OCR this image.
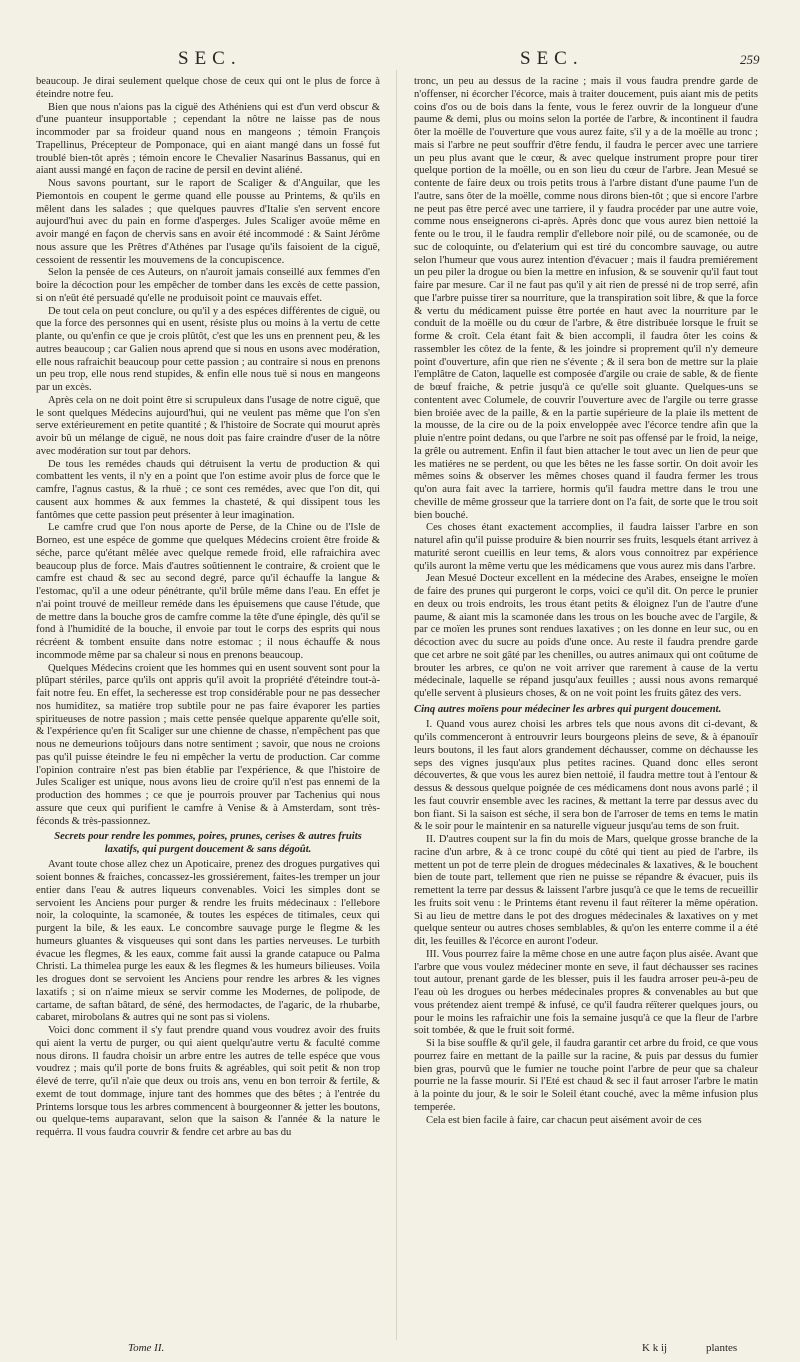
SEC.	SEC.	259

beaucoup. Je dirai seulement quelque chose de ceux qui ont le plus de force à éteindre notre feu.

Bien que nous n'aions pas la ciguë des Athéniens qui est d'un verd obscur & d'une puanteur insupportable ; cependant la nôtre ne laisse pas de nous incommoder par sa froideur quand nous en mangeons ; témoin François Trapellinus, Précepteur de Pomponace, qui en aiant mangé dans un fossé fut troublé bien-tôt après ; témoin encore le Chevalier Nasarinus Bassanus, qui en aiant aussi mangé en façon de racine de persil en devint aliéné.

Nous savons pourtant, sur le raport de Scaliger & d'Anguilar, que les Piemontois en coupent le germe quand elle pousse au Printems, & qu'ils en mêlent dans les salades ; que quelques pauvres d'Italie s'en servent encore aujourd'hui avec du pain en forme d'asperges. Jules Scaliger avoüe même en avoir mangé en façon de chervis sans en avoir été incommodé : & Saint Jérôme nous assure que les Prêtres d'Athénes par l'usage qu'ils faisoient de la ciguë, cessoient de ressentir les mouvemens de la concupiscence.

Selon la pensée de ces Auteurs, on n'auroit jamais conseillé aux femmes d'en boire la décoction pour les empêcher de tomber dans les excès de cette passion, si on n'eût été persuadé qu'elle ne produisoit point ce mauvais effet.

De tout cela on peut conclure, ou qu'il y a des espéces différentes de ciguë, ou que la force des personnes qui en usent, résiste plus ou moins à la vertu de cette plante, ou qu'enfin ce que je crois plûtôt, c'est que les uns en prennent peu, & les autres beaucoup ; car Galien nous aprend que si nous en usons avec modération, elle nous rafraichit beaucoup pour cette passion ; au contraire si nous en prenons un peu trop, elle nous rend stupides, & enfin elle nous tuë si nous en mangeons par un excès.

Après cela on ne doit point être si scrupuleux dans l'usage de notre ciguë, que le sont quelques Médecins aujourd'hui, qui ne veulent pas même que l'on s'en serve extérieurement en petite quantité ; & l'histoire de Socrate qui mourut après avoir bû un mélange de ciguë, ne nous doit pas faire craindre d'user de la nôtre avec modération sur tout par dehors.

De tous les remédes chauds qui détruisent la vertu de production & qui combattent les vents, il n'y en a point que l'on estime avoir plus de force que le camfre, l'agnus castus, & la rhuë ; ce sont ces remédes, avec que l'on dit, qui causent aux hommes & aux femmes la chasteté, & qui dissipent tous les fantômes que cette passion peut présenter à leur imagination.

Le camfre crud que l'on nous aporte de Perse, de la Chine ou de l'Isle de Borneo, est une espéce de gomme que quelques Médecins croient être froide & séche, parce qu'étant mêlée avec quelque remede froid, elle rafraichira avec beaucoup plus de force. Mais d'autres soûtiennent le contraire, & croient que le camfre est chaud & sec au second degré, parce qu'il échauffe la langue & l'estomac, qu'il a une odeur pénétrante, qu'il brûle même dans l'eau. En effet je n'ai point trouvé de meilleur reméde dans les épuisemens que cause l'étude, que de mettre dans la bouche gros de camfre comme la tête d'une épingle, dès qu'il se fond à l'humidité de la bouche, il envoie par tout le corps des esprits qui nous récréent & tombent ensuite dans notre estomac ; il nous échauffe & nous incommode même par sa chaleur si nous en prenons beaucoup.

Quelques Médecins croient que les hommes qui en usent souvent sont pour la plûpart stériles, parce qu'ils ont appris qu'il avoit la propriété d'éteindre tout-à-fait notre feu. En effet, la secheresse est trop considérable pour ne pas dessecher nos humiditez, sa matiére trop subtile pour ne pas faire évaporer les parties spiritueuses de notre passion ; mais cette pensée quelque apparente qu'elle soit, & l'expérience qu'en fit Scaliger sur une chienne de chasse, n'empêchent pas que nous ne demeurions toûjours dans notre sentiment ; savoir, que nous ne croions pas qu'il puisse éteindre le feu ni empêcher la vertu de production. Car comme l'opinion contraire n'est pas bien établie par l'expérience, & que l'histoire de Jules Scaliger est unique, nous avons lieu de croire qu'il n'est pas ennemi de la production des hommes ; ce que je pourrois prouver par Tachenius qui nous assure que ceux qui purifient le camfre à Venise & à Amsterdam, sont très-féconds & très-passionnez.

Secrets pour rendre les pommes, poires, prunes, cerises & autres fruits laxatifs, qui purgent doucement & sans dégoût.

Avant toute chose allez chez un Apoticaire, prenez des drogues purgatives qui soient bonnes & fraiches, concassez-les grossiérement, faites-les tremper un jour entier dans l'eau & autres liqueurs convenables. Voici les simples dont se servoient les Anciens pour purger & rendre les fruits médecinaux : l'ellebore noir, la coloquinte, la scamonée, & toutes les espéces de titimales, ceux qui purgent la bile, & les eaux. Le concombre sauvage purge le flegme & les humeurs gluantes & visqueuses qui sont dans les parties nerveuses. Le turbith évacue les flegmes, & les eaux, comme fait aussi la grande catapuce ou Palma Christi. La thimelea purge les eaux & les flegmes & les humeurs bilieuses. Voila les drogues dont se servoient les Anciens pour rendre les arbres & les vignes laxatifs ; si on n'aime mieux se servir comme les Modernes, de polipode, de cartame, de saftan bâtard, de séné, des hermodactes, de l'agaric, de la rhubarbe, cabaret, mirobolans & autres qui ne sont pas si violens.

Voici donc comment il s'y faut prendre quand vous voudrez avoir des fruits qui aient la vertu de purger, ou qui aient quelqu'autre vertu & faculté comme nous dirons. Il faudra choisir un arbre entre les autres de telle espéce que vous voudrez ; mais qu'il porte de bons fruits & agréables, qui soit petit & non trop élevé de terre, qu'il n'aie que deux ou trois ans, venu en bon terroir & fertile, & exemt de tout dommage, injure tant des hommes que des bêtes ; à l'entrée du Printems lorsque tous les arbres commencent à bourgeonner & jetter les boutons, ou quelque-tems auparavant, selon que la saison & l'année & la nature le requérra. Il vous faudra couvrir & fendre cet arbre au bas du

tronc, un peu au dessus de la racine ; mais il vous faudra prendre garde de n'offenser, ni écorcher l'écorce, mais à traiter doucement, puis aiant mis de petits coins d'os ou de bois dans la fente, vous le ferez ouvrir de la longueur d'une paume & demi, plus ou moins selon la portée de l'arbre, & incontinent il faudra ôter la moëlle de l'ouverture que vous aurez faite, s'il y a de la moëlle au tronc ; mais si l'arbre ne peut souffrir d'être fendu, il faudra le percer avec une tarriere un peu plus avant que le cœur, & avec quelque instrument propre pour tirer quelque portion de la moëlle, ou en son lieu du cœur de l'arbre. Jean Mesué se contente de faire deux ou trois petits trous à l'arbre distant d'une paume l'un de l'autre, sans ôter de la moëlle, comme nous dirons bien-tôt ; que si encore l'arbre ne peut pas être percé avec une tarriere, il y faudra procéder par une autre voie, comme nous enseignerons ci-après. Après donc que vous aurez bien nettoié la fente ou le trou, il le faudra remplir d'ellebore noir pilé, ou de scamonée, ou de suc de coloquinte, ou d'elaterium qui est tiré du concombre sauvage, ou autre selon l'humeur que vous aurez intention d'évacuer ; mais il faudra premiérement un peu piler la drogue ou bien la mettre en infusion, & se souvenir qu'il faut tout faire par mesure. Car il ne faut pas qu'il y ait rien de pressé ni de trop serré, afin que l'arbre puisse tirer sa nourriture, que la transpiration soit libre, & que la force & vertu du médicament puisse être portée en haut avec la nourriture par le conduit de la moëlle ou du cœur de l'arbre, & être distribuée lorsque le fruit se forme & croît. Cela étant fait & bien accompli, il faudra ôter les coins & rassembler les côtez de la fente, & les joindre si proprement qu'il n'y demeure point d'ouverture, afin que rien ne s'évente ; & il sera bon de mettre sur la plaie l'emplâtre de Caton, laquelle est composée d'argile ou craie de sable, & de fiente de bœuf fraiche, & petrie jusqu'à ce qu'elle soit gluante. Quelques-uns se contentent avec Columele, de couvrir l'ouverture avec de l'argile ou terre grasse bien broiée avec de la paille, & en la partie supérieure de la plaie ils mettent de la mousse, de la cire ou de la poix enveloppée avec l'écorce tendre afin que la pluie n'entre point dedans, ou que l'arbre ne soit pas offensé par le froid, la neige, la grêle ou autrement. Enfin il faut bien attacher le tout avec un lien de peur que les matiéres ne se perdent, ou que les bêtes ne les fasse sortir. On doit avoir les mêmes soins & observer les mêmes choses quand il faudra fermer les trous qu'on aura fait avec la tarriere, hormis qu'il faudra mettre dans le trou une cheville de même grosseur que la tarriere dont on l'a fait, de sorte que le trou soit bien bouché.

Ces choses étant exactement accomplies, il faudra laisser l'arbre en son naturel afin qu'il puisse produire & bien nourrir ses fruits, lesquels étant arrivez à maturité seront cueillis en leur tems, & alors vous connoitrez par expérience qu'ils auront la même vertu que les médicamens que vous aurez mis dans l'arbre.

Jean Mesué Docteur excellent en la médecine des Arabes, enseigne le moïen de faire des prunes qui purgeront le corps, voici ce qu'il dit. On perce le prunier en deux ou trois endroits, les trous étant petits & éloignez l'un de l'autre d'une paume, & aiant mis la scamonée dans les trous on les bouche avec de l'argile, & par ce moïen les prunes sont rendues laxatives ; on les donne en leur suc, ou en décoction avec du sucre au poids d'une once. Au reste il faudra prendre garde que cet arbre ne soit gâté par les chenilles, ou autres animaux qui ont coûtume de brouter les arbres, ce qu'on ne voit arriver que rarement à cause de la vertu médecinale, laquelle se répand jusqu'aux feuilles ; aussi nous avons remarqué qu'elle servent à plusieurs choses, & on ne voit point les fruits gâtez des vers.

Cinq autres moïens pour médeciner les arbres qui purgent doucement.

I. Quand vous aurez choisi les arbres tels que nous avons dit ci-devant, & qu'ils commenceront à entrouvrir leurs bourgeons pleins de seve, & à épanouïr leurs boutons, il les faut alors grandement déchausser, comme on déchausse les seps des vignes jusqu'aux plus petites racines. Quand donc elles seront découvertes, & que vous les aurez bien nettoié, il faudra mettre tout à l'entour & dessus & dessous quelque poignée de ces médicamens dont nous avons parlé ; il les faut couvrir ensemble avec les racines, & mettant la terre par dessus avec du bon fiant. Si la saison est séche, il sera bon de l'arroser de tems en tems le matin & le soir pour le maintenir en sa naturelle vigueur jusqu'au tems de son fruit.

II. D'autres coupent sur la fin du mois de Mars, quelque grosse branche de la racine d'un arbre, & à ce tronc coupé du côté qui tient au pied de l'arbre, ils mettent un pot de terre plein de drogues médecinales & laxatives, & le bouchent bien de toute part, tellement que rien ne puisse se répandre & évacuer, puis ils remettent la terre par dessus & laissent l'arbre jusqu'à ce que le tems de recueillir les fruits soit venu : le Printems étant revenu il faut réïterer la même opération. Si au lieu de mettre dans le pot des drogues médecinales & laxatives on y met quelque senteur ou autres choses semblables, & qu'on les enterre comme il a été dit, les feuilles & l'écorce en auront l'odeur.

III. Vous pourrez faire la même chose en une autre façon plus aisée. Avant que l'arbre que vous voulez médeciner monte en seve, il faut déchausser ses racines tout autour, prenant garde de les blesser, puis il les faudra arroser peu-à-peu de l'eau où les drogues ou herbes médecinales propres & convenables au but que vous prétendez aient trempé & infusé, ce qu'il faudra réïterer quelques jours, ou pour le moins les rafraichir une fois la semaine jusqu'à ce que la fleur de l'arbre soit tombée, & que le fruit soit formé.

Si la bise souffle & qu'il gele, il faudra garantir cet arbre du froid, ce que vous pourrez faire en mettant de la paille sur la racine, & puis par dessus du fumier bien gras, pourvû que le fumier ne touche point l'arbre de peur que sa chaleur pourrie ne la fasse mourir. Si l'Eté est chaud & sec il faut arroser l'arbre le matin à la pointe du jour, & le soir le Soleil étant couché, avec la même infusion plus temperée.

Cela est bien facile à faire, car chacun peut aisément avoir de ces

Tome II.	K k ij	plantes
